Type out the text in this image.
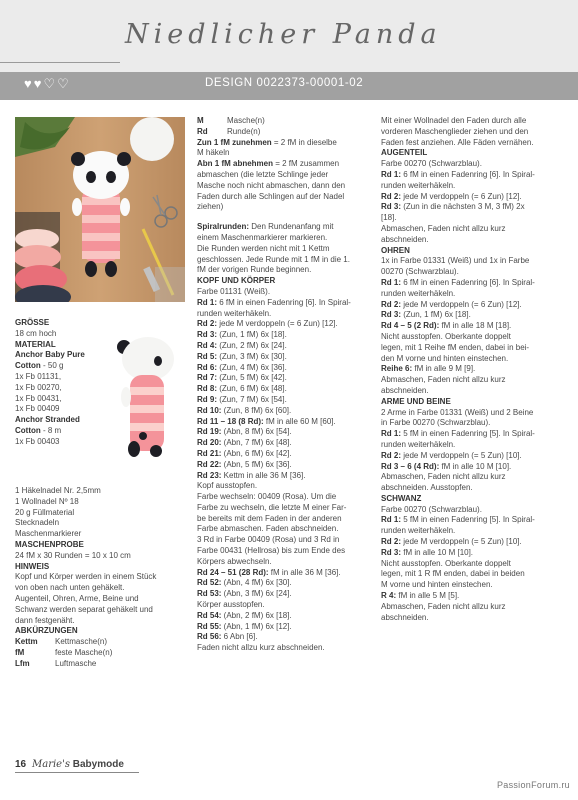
Niedlicher Panda
♥ ♥ ♡ ♡	DESIGN 0022373-00001-02

GRÖSSE

18 cm hoch

MATERIAL

Anchor Baby Pure

Cotton - 50 g

1x Fb 01131,

1x Fb 00270,

1x Fb 00431,

1x Fb 00409

Anchor Stranded

Cotton - 8 m

1x Fb 00403

1 Häkelnadel Nr. 2,5mm

1 Wollnadel Nº 18

20 g Füllmaterial

Stecknadeln

Maschenmarkierer

MASCHENPROBE

24 fM x 30 Runden = 10 x 10 cm

HINWEIS

Kopf und Körper werden in einem Stück

von oben nach unten gehäkelt.

Augenteil, Ohren, Arme, Beine und

Schwanz werden separat gehäkelt und

dann festgenäht.

ABKÜRZUNGEN

Kettm Kettmasche(n)

fM	feste Masche(n)

Lfm	Luftmasche

M	Masche(n)

Rd Runde(n)

Zun 1 fM zunehmen = 2 fM in dieselbe

M häkeln

Abn 1 fM abnehmen = 2 fM zusammen

abmaschen (die letzte Schlinge jeder

Masche noch nicht abmaschen, dann den

Faden durch alle Schlingen auf der Nadel

ziehen)

Spiralrunden: Den Rundenanfang mit

einem Maschenmarkierer markieren.

Die Runden werden nicht mit 1 Kettm

geschlossen. Jede Runde mit 1 fM in die 1.

fM der vorigen Runde beginnen.

KOPF UND KÖRPER

Farbe 01131 (Weiß).

Rd 1: 6 fM in einen Fadenring [6]. In Spiral-

runden weiterhäkeln.

Rd 2: jede M verdoppeln (= 6 Zun) [12].

Rd 3: (Zun, 1 fM) 6x [18].

Rd 4: (Zun, 2 fM) 6x [24].

Rd 5: (Zun, 3 fM) 6x [30].

Rd 6: (Zun, 4 fM) 6x [36].

Rd 7: (Zun, 5 fM) 6x [42].

Rd 8: (Zun, 6 fM) 6x [48].

Rd 9: (Zun, 7 fM) 6x [54].

Rd 10: (Zun, 8 fM) 6x [60].

Rd 11 – 18 (8 Rd): fM in alle 60 M [60].

Rd 19: (Abn, 8 fM) 6x [54].

Rd 20: (Abn, 7 fM) 6x [48].

Rd 21: (Abn, 6 fM) 6x [42].

Rd 22: (Abn, 5 fM) 6x [36].

Rd 23: Kettm in alle 36 M [36].

Kopf ausstopfen.

Farbe wechseln: 00409 (Rosa). Um die

Farbe zu wechseln, die letzte M einer Far-

be bereits mit dem Faden in der anderen

Farbe abmaschen. Faden abschneiden.

3 Rd in Farbe 00409 (Rosa) und 3 Rd in

Farbe 00431 (Hellrosa) bis zum Ende des

Körpers abwechseln.

Rd 24 – 51 (28 Rd): fM in alle 36 M [36].

Rd 52: (Abn, 4 fM) 6x [30].

Rd 53: (Abn, 3 fM) 6x [24].

Körper ausstopfen.

Rd 54: (Abn, 2 fM) 6x [18].

Rd 55: (Abn, 1 fM) 6x [12].

Rd 56: 6 Abn [6].

Faden nicht allzu kurz abschneiden.

Mit einer Wollnadel den Faden durch alle

vorderen Maschenglieder ziehen und den

Faden fest anziehen. Alle Fäden vernähen.

AUGENTEIL

Farbe 00270 (Schwarzblau).

Rd 1: 6 fM in einen Fadenring [6]. In Spiral-

runden weiterhäkeln.

Rd 2: jede M verdoppeln (= 6 Zun) [12].

Rd 3: (Zun in die nächsten 3 M, 3 fM) 2x

[18].

Abmaschen, Faden nicht allzu kurz

abschneiden.

OHREN

1x in Farbe 01331 (Weiß) und 1x in Farbe

00270 (Schwarzblau).

Rd 1: 6 fM in einen Fadenring [6]. In Spiral-

runden weiterhäkeln.

Rd 2: jede M verdoppeln (= 6 Zun) [12].

Rd 3: (Zun, 1 fM) 6x [18].

Rd 4 – 5 (2 Rd): fM in alle 18 M [18].

Nicht ausstopfen. Oberkante doppelt

legen, mit 1 Reihe fM enden, dabei in bei-

den M vorne und hinten einstechen.

Reihe 6: fM in alle 9 M [9].

Abmaschen, Faden nicht allzu kurz

abschneiden.

ARME UND BEINE

2 Arme in Farbe 01331 (Weiß) und 2 Beine

in Farbe 00270 (Schwarzblau).

Rd 1: 5 fM in einen Fadenring [5]. In Spiral-

runden weiterhäkeln.

Rd 2: jede M verdoppeln (= 5 Zun) [10].

Rd 3 – 6 (4 Rd): fM in alle 10 M [10].

Abmaschen, Faden nicht allzu kurz

abschneiden. Ausstopfen.

SCHWANZ

Farbe 00270 (Schwarzblau).

Rd 1: 5 fM in einen Fadenring [5]. In Spiral-

runden weiterhäkeln.

Rd 2: jede M verdoppeln (= 5 Zun) [10].

Rd 3: fM in alle 10 M [10].

Nicht ausstopfen. Oberkante doppelt

legen, mit 1 R fM enden, dabei in beiden

M vorne und hinten einstechen.

R 4: fM in alle 5 M [5].

Abmaschen, Faden nicht allzu kurz

abschneiden.

16 Marie's Babymode
PassionForum.ru
